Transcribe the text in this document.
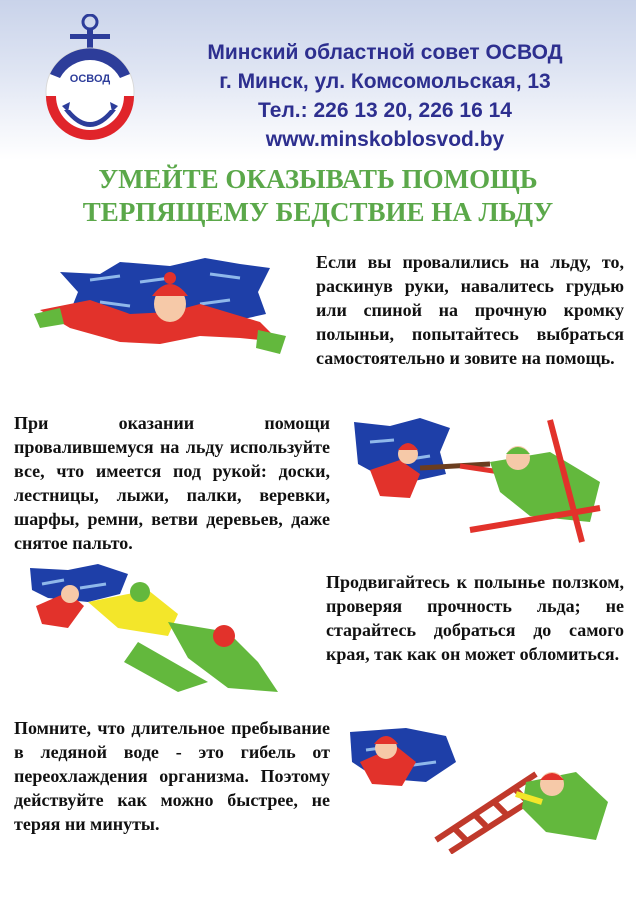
ОСВОД
Минский областной совет ОСВОД
г. Минск, ул. Комсомольская, 13
Тел.: 226 13 20, 226 16 14
www.minskoblosvod.by
УМЕЙТЕ ОКАЗЫВАТЬ ПОМОЩЬ
ТЕРПЯЩЕМУ БЕДСТВИЕ НА ЛЬДУ
Если вы провалились на льду, то, раскинув руки, навалитесь грудью или спиной на прочную кромку полыньи, попытайтесь выбраться самостоятельно и зовите на помощь.
При оказании помощи провалившемуся на льду используйте все, что имеется под рукой: доски, лестницы, лыжи, палки, веревки, шарфы, ремни, ветви деревьев, даже снятое пальто.
Продвигайтесь к полынье ползком, проверяя прочность льда; не старайтесь добраться до самого края, так как он может обломиться.
Помните, что длительное пребывание в ледяной воде - это гибель от переохлаждения организма. Поэтому действуйте как можно быстрее, не теряя ни минуты.
